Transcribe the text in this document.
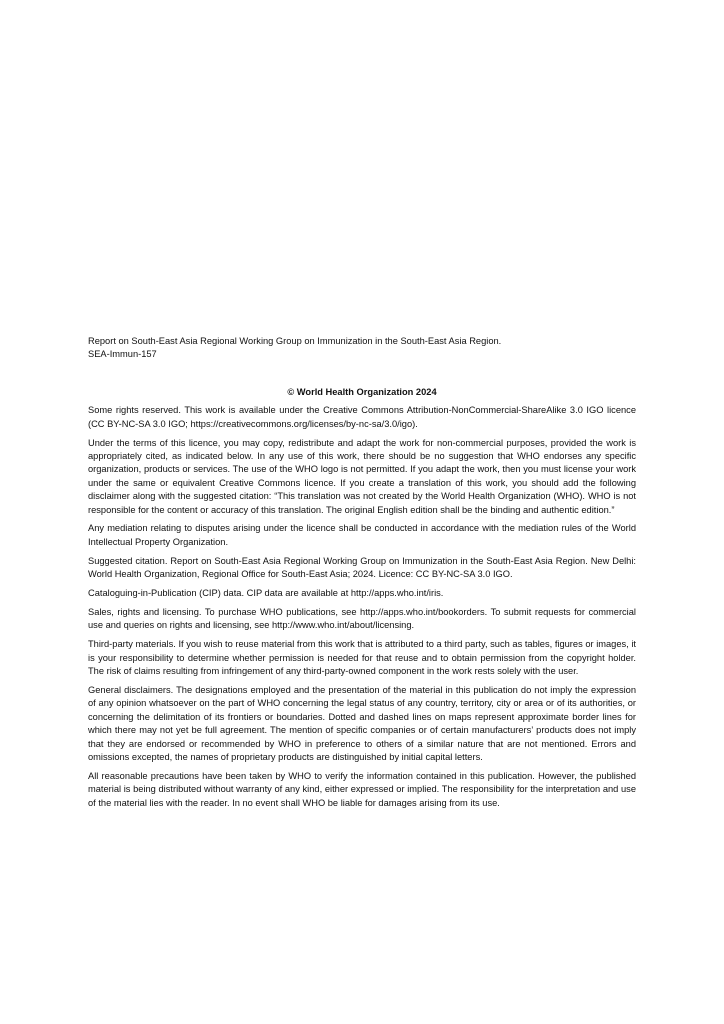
Report on South-East Asia Regional Working Group on Immunization in the South-East Asia Region.

SEA-Immun-157

© World Health Organization 2024

Some rights reserved. This work is available under the Creative Commons Attribution-NonCommercial-ShareAlike 3.0 IGO licence (CC BY-NC-SA 3.0 IGO; https://creativecommons.org/licenses/by-nc-sa/3.0/igo).

Under the terms of this licence, you may copy, redistribute and adapt the work for non-commercial purposes, provided the work is appropriately cited, as indicated below. In any use of this work, there should be no suggestion that WHO endorses any specific organization, products or services. The use of the WHO logo is not permitted. If you adapt the work, then you must license your work under the same or equivalent Creative Commons licence. If you create a translation of this work, you should add the following disclaimer along with the suggested citation: “This translation was not created by the World Health Organization (WHO). WHO is not responsible for the content or accuracy of this translation. The original English edition shall be the binding and authentic edition.”

Any mediation relating to disputes arising under the licence shall be conducted in accordance with the mediation rules of the World Intellectual Property Organization.

Suggested citation. Report on South-East Asia Regional Working Group on Immunization in the South-East Asia Region. New Delhi: World Health Organization, Regional Office for South-East Asia; 2024. Licence: CC BY-NC-SA 3.0 IGO.

Cataloguing-in-Publication (CIP) data. CIP data are available at http://apps.who.int/iris.

Sales, rights and licensing. To purchase WHO publications, see http://apps.who.int/bookorders. To submit requests for commercial use and queries on rights and licensing, see http://www.who.int/about/licensing.

Third-party materials. If you wish to reuse material from this work that is attributed to a third party, such as tables, figures or images, it is your responsibility to determine whether permission is needed for that reuse and to obtain permission from the copyright holder. The risk of claims resulting from infringement of any third-party-owned component in the work rests solely with the user.

General disclaimers. The designations employed and the presentation of the material in this publication do not imply the expression of any opinion whatsoever on the part of WHO concerning the legal status of any country, territory, city or area or of its authorities, or concerning the delimitation of its frontiers or boundaries. Dotted and dashed lines on maps represent approximate border lines for which there may not yet be full agreement. The mention of specific companies or of certain manufacturers’ products does not imply that they are endorsed or recommended by WHO in preference to others of a similar nature that are not mentioned. Errors and omissions excepted, the names of proprietary products are distinguished by initial capital letters.

All reasonable precautions have been taken by WHO to verify the information contained in this publication. However, the published material is being distributed without warranty of any kind, either expressed or implied. The responsibility for the interpretation and use of the material lies with the reader. In no event shall WHO be liable for damages arising from its use.
